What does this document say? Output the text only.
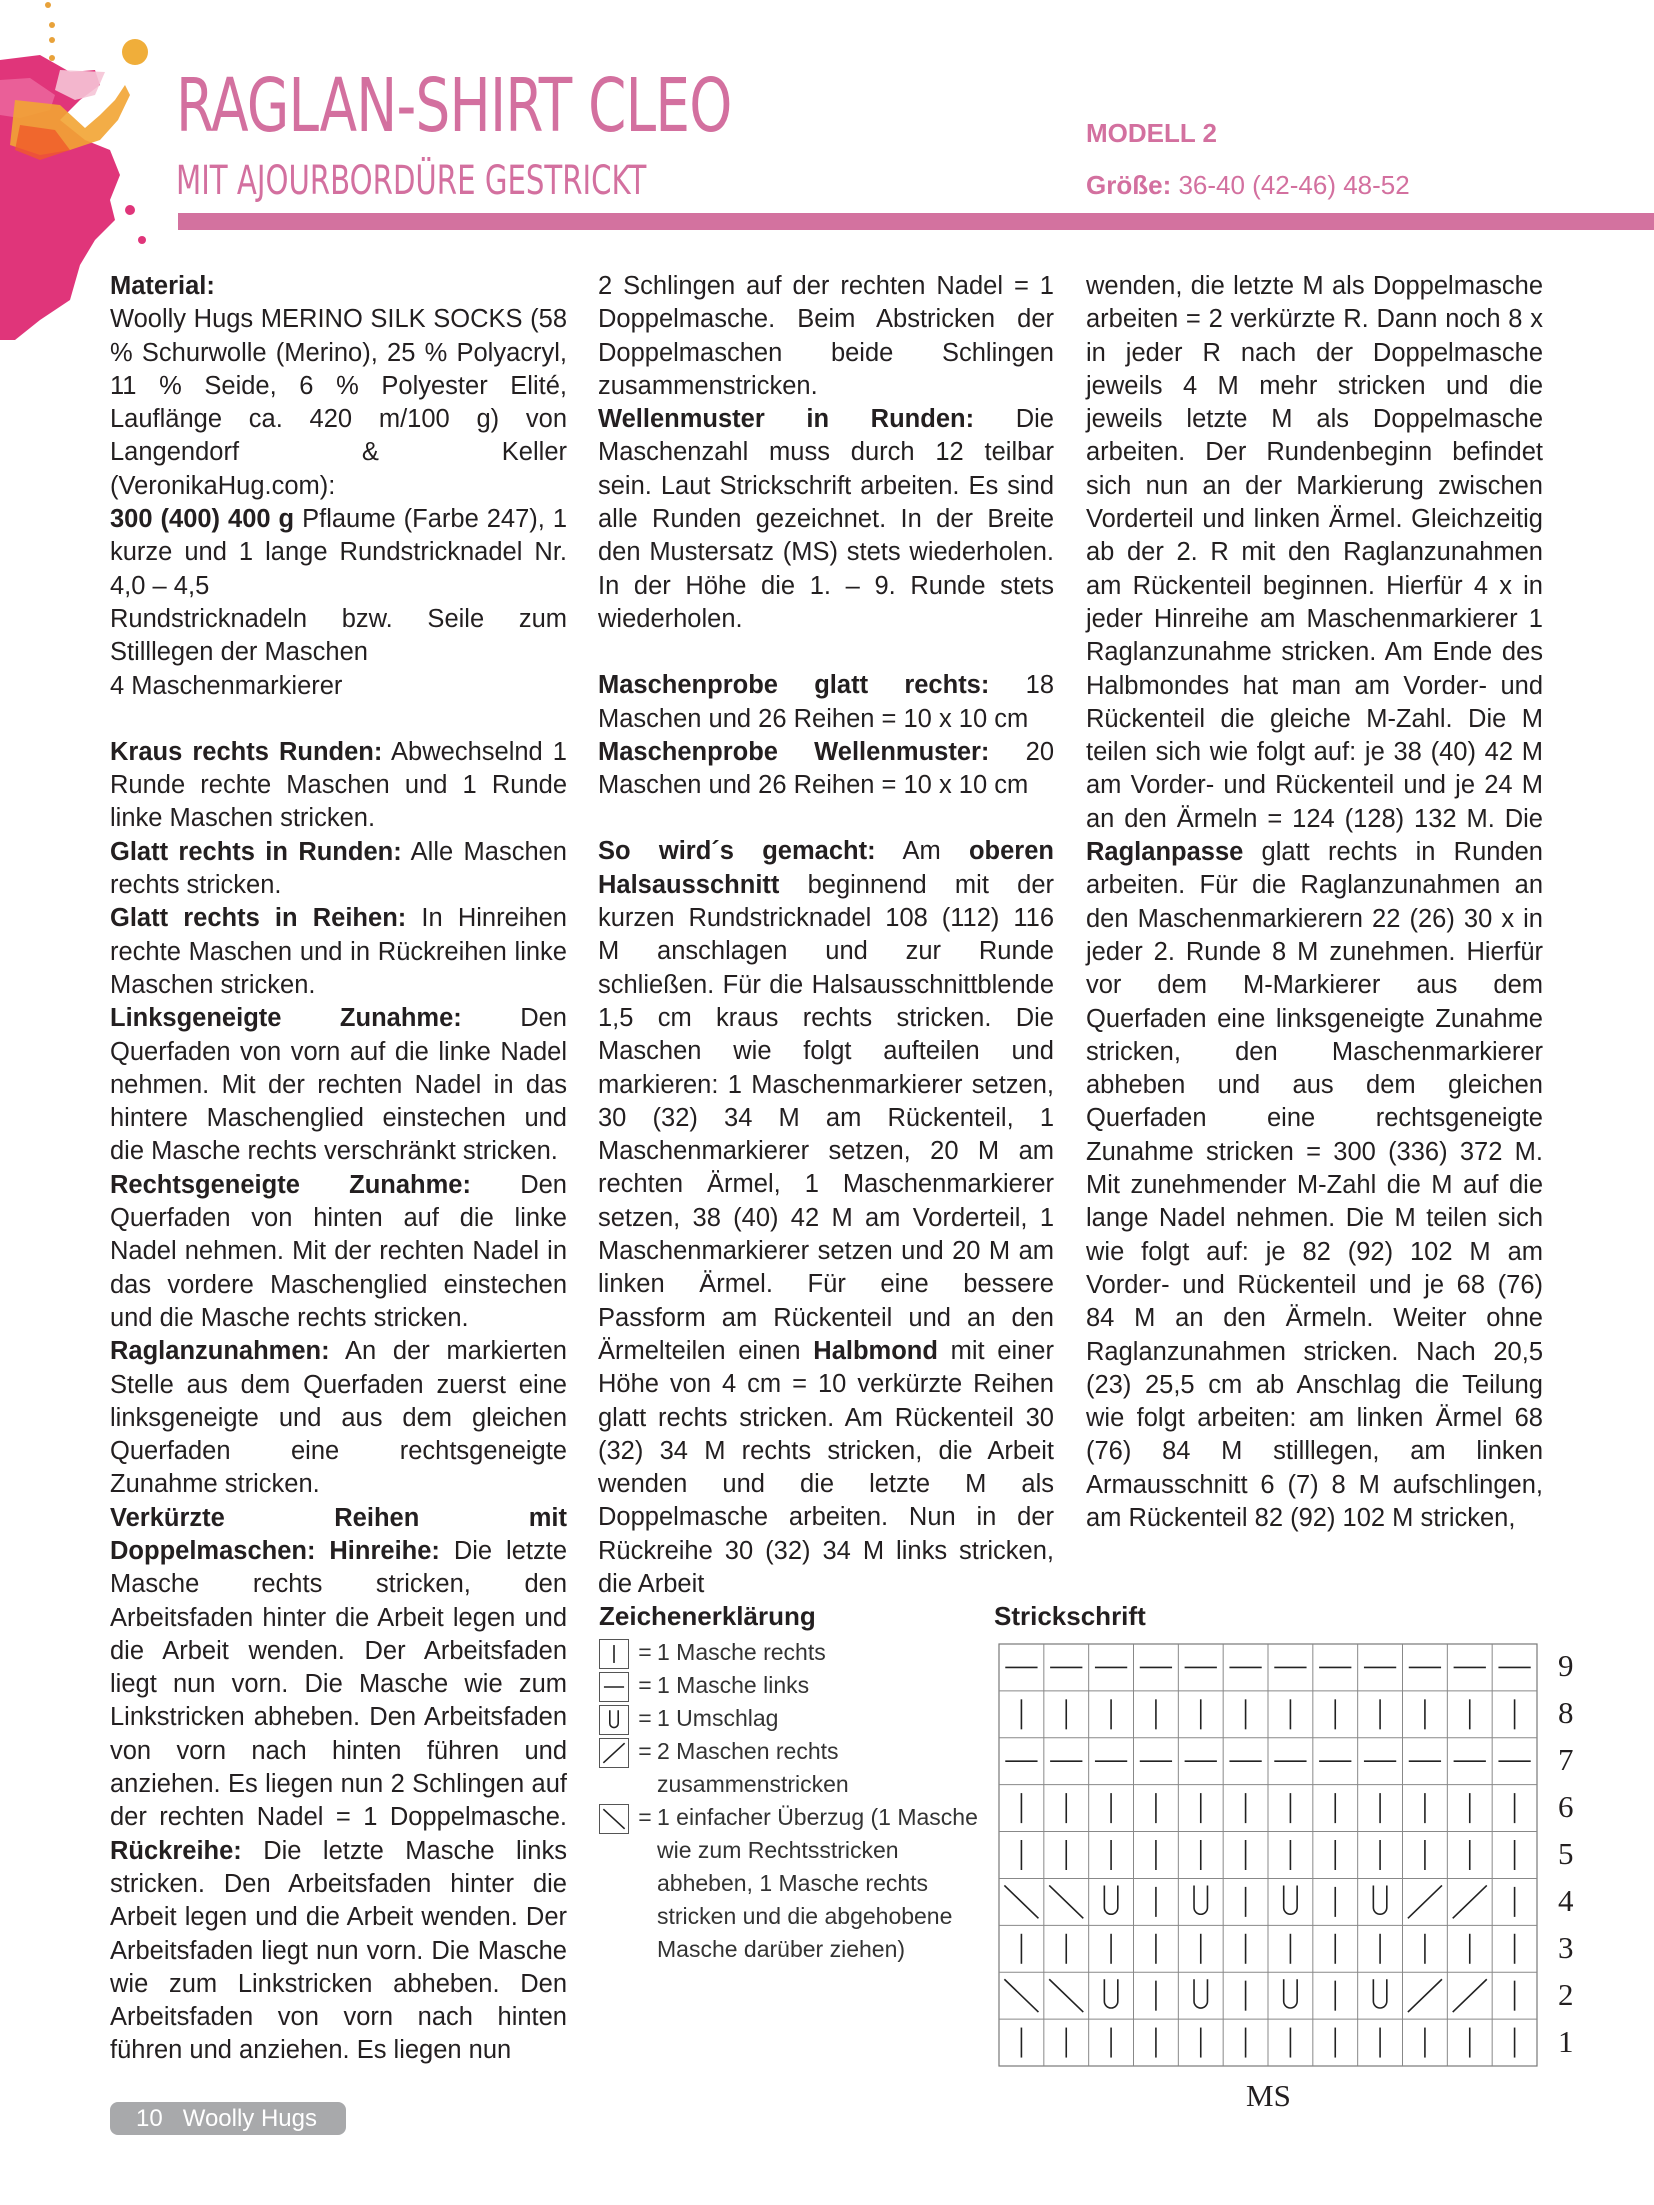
RAGLAN-SHIRT CLEO
MIT AJOURBORDÜRE GESTRICKT
MODELL 2
Größe: 36-40 (42-46) 48-52

Material:

Woolly Hugs MERINO SILK SOCKS (58 % Schurwolle (Merino), 25 % Polyacryl, 11 % Seide, 6 % Polyester Elité, Lauflänge ca. 420 m/100 g) von Langendorf & Keller (VeronikaHug.com):

300 (400) 400 g Pflaume (Farbe 247), 1 kurze und 1 lange Rundstricknadel Nr. 4,0 – 4,5

Rundstricknadeln bzw. Seile zum Stilllegen der Maschen

4 Maschenmarkierer

Kraus rechts Runden: Abwechselnd 1 Runde rechte Maschen und 1 Runde linke Maschen stricken.

Glatt rechts in Runden: Alle Maschen rechts stricken.

Glatt rechts in Reihen: In Hinreihen rechte Maschen und in Rückreihen linke Maschen stricken.

Linksgeneigte Zunahme: Den Querfaden von vorn auf die linke Nadel nehmen. Mit der rechten Nadel in das hintere Maschenglied einstechen und die Masche rechts verschränkt stricken.

Rechtsgeneigte Zunahme: Den Querfaden von hinten auf die linke Nadel nehmen. Mit der rechten Nadel in das vordere Maschenglied einstechen und die Masche rechts stricken.

Raglanzunahmen: An der markierten Stelle aus dem Querfaden zuerst eine linksgeneigte und aus dem gleichen Querfaden eine rechtsgeneigte Zunahme stricken.

Verkürzte Reihen mit Doppelmaschen: Hinreihe: Die letzte Masche rechts stricken, den Arbeitsfaden hinter die Arbeit legen und die Arbeit wenden. Der Arbeitsfaden liegt nun vorn. Die Masche wie zum Linkstricken abheben. Den Arbeitsfaden von vorn nach hinten führen und anziehen. Es liegen nun 2 Schlingen auf der rechten Nadel = 1 Doppelmasche. Rückreihe: Die letzte Masche links stricken. Den Arbeitsfaden hinter die Arbeit legen und die Arbeit wenden. Der Arbeitsfaden liegt nun vorn. Die Masche wie zum Linkstricken abheben. Den Arbeitsfaden von vorn nach hinten führen und anziehen. Es liegen nun

2 Schlingen auf der rechten Nadel = 1 Doppelmasche. Beim Abstricken der Doppelmaschen beide Schlingen zusammenstricken.

Wellenmuster in Runden: Die Maschenzahl muss durch 12 teilbar sein. Laut Strickschrift arbeiten. Es sind alle Runden gezeichnet. In der Breite den Mustersatz (MS) stets wiederholen. In der Höhe die 1. – 9. Runde stets wiederholen.

Maschenprobe glatt rechts: 18 Maschen und 26 Reihen = 10 x 10 cm

Maschenprobe Wellenmuster: 20 Maschen und 26 Reihen = 10 x 10 cm

So wird´s gemacht: Am oberen Halsausschnitt beginnend mit der kurzen Rundstricknadel 108 (112) 116 M anschlagen und zur Runde schließen. Für die Halsausschnittblende 1,5 cm kraus rechts stricken. Die Maschen wie folgt aufteilen und markieren: 1 Maschenmarkierer setzen, 30 (32) 34 M am Rückenteil, 1 Maschenmarkierer setzen, 20 M am rechten Ärmel, 1 Maschenmarkierer setzen, 38 (40) 42 M am Vorderteil, 1 Maschenmarkierer setzen und 20 M am linken Ärmel. Für eine bessere Passform am Rückenteil und an den Ärmelteilen einen Halbmond mit einer Höhe von 4 cm = 10 verkürzte Reihen glatt rechts stricken. Am Rückenteil 30 (32) 34 M rechts stricken, die Arbeit wenden und die letzte M als Doppelmasche arbeiten. Nun in der Rückreihe 30 (32) 34 M links stricken, die Arbeit

wenden, die letzte M als Doppelmasche arbeiten = 2 verkürzte R. Dann noch 8 x in jeder R nach der Doppelmasche jeweils 4 M mehr stricken und die jeweils letzte M als Doppelmasche arbeiten. Der Rundenbeginn befindet sich nun an der Markierung zwischen Vorderteil und linken Ärmel. Gleichzeitig ab der 2. R mit den Raglanzunahmen am Rückenteil beginnen. Hierfür 4 x in jeder Hinreihe am Maschenmarkierer 1 Raglanzunahme stricken. Am Ende des Halbmondes hat man am Vorder- und Rückenteil die gleiche M-Zahl. Die M teilen sich wie folgt auf: je 38 (40) 42 M am Vorder- und Rückenteil und je 24 M an den Ärmeln = 124 (128) 132 M. Die Raglanpasse glatt rechts in Runden arbeiten. Für die Raglanzunahmen an den Maschenmarkierern 22 (26) 30 x in jeder 2. Runde 8 M zunehmen. Hierfür vor dem M-Markierer aus dem Querfaden eine linksgeneigte Zunahme stricken, den Maschenmarkierer abheben und aus dem gleichen Querfaden eine rechtsgeneigte Zunahme stricken = 300 (336) 372 M. Mit zunehmender M-Zahl die M auf die lange Nadel nehmen. Die M teilen sich wie folgt auf: je 82 (92) 102 M am Vorder- und Rückenteil und je 68 (76) 84 M an den Ärmeln. Weiter ohne Raglanzunahmen stricken. Nach 20,5 (23) 25,5 cm ab Anschlag die Teilung wie folgt arbeiten: am linken Ärmel 68 (76) 84 M stilllegen, am linken Armausschnitt 6 (7) 8 M aufschlingen, am Rückenteil 82 (92) 102 M stricken,

Zeichenerklärung
= 1 Masche rechts
= 1 Masche links
= 1 Umschlag
= 2 Maschen rechts zusammenstricken
= 1 einfacher Überzug (1 Masche wie zum Rechtsstricken abheben, 1 Masche rechts stricken und die abgehobene Masche darüber ziehen)
Strickschrift
9
8
7
6
5
4
3
2
1
MS
10 Woolly Hugs
